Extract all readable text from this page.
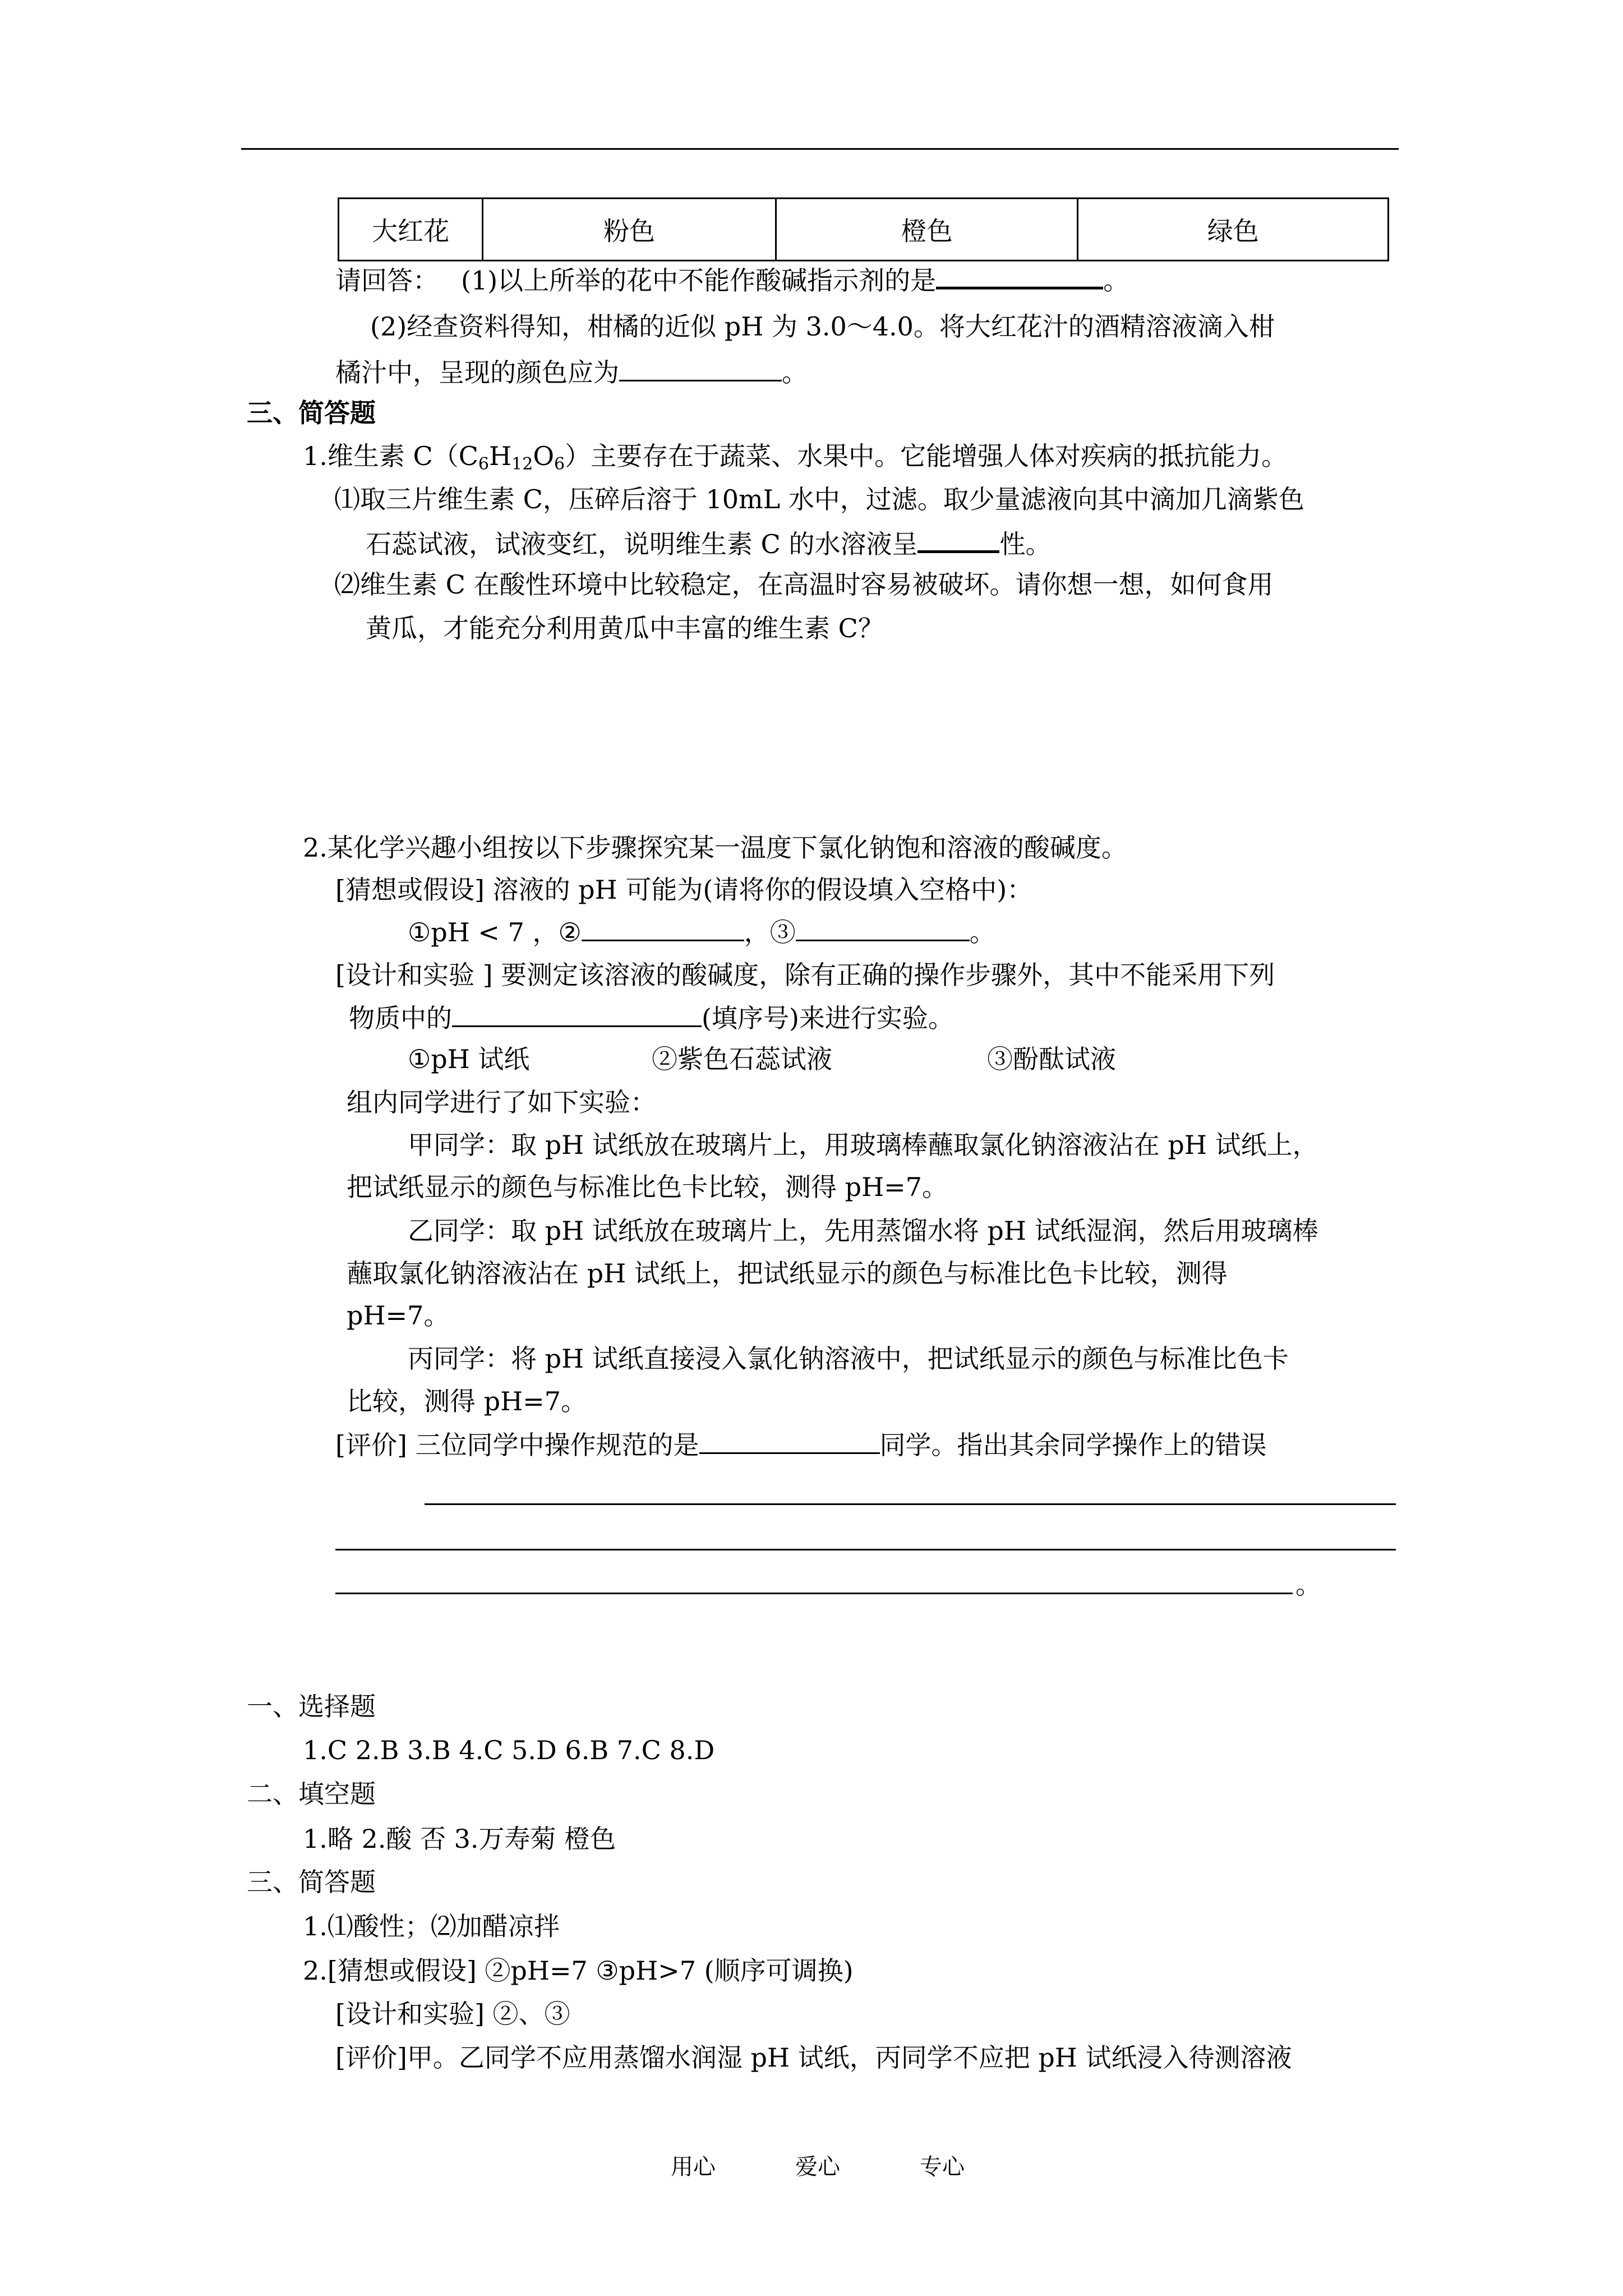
大红花	粉色	橙色	绿色
请回答： (1)以上所举的花中不能作酸碱指示剂的是	。
(2)经查资料得知，柑橘的近似 pH 为 3.0～4.0。将大红花汁的酒精溶液滴入柑
橘汁中，呈现的颜色应为	。
三、简答题
1.维生素 $C(C_6H_{12}O_6)$主要存在于蔬菜、水果中。它能增强人体对疾病的抵抗能力。
⑴取三片维生素 C，压碎后溶于 10mL 水中，过滤。取少量滤液向其中滴加几滴紫色
石蕊试液，试液变红，说明维生素 C 的水溶液呈	性。
⑵维生素 C 在酸性环境中比较稳定，在高温时容易被破坏。请你想一想，如何食用
黄瓜，才能充分利用黄瓜中丰富的维生素 C？
2.某化学兴趣小组按以下步骤探究某一温度下氯化钠饱和溶液的酸碱度。
[猜想或假设] 溶液的 pH 可能为(请将你的假设填入空格中)：
①pH < 7 ，②	，③	。
[设计和实验 ] 要测定该溶液的酸碱度，除有正确的操作步骤外，其中不能采用下列
物质中的	(填序号)来进行实验。
①pH 试纸	②紫色石蕊试液	③酚酞试液
组内同学进行了如下实验：
甲同学：取 pH 试纸放在玻璃片上，用玻璃棒蘸取氯化钠溶液沾在 pH 试纸上，
把试纸显示的颜色与标准比色卡比较，测得 pH=7。
乙同学：取 pH 试纸放在玻璃片上，先用蒸馏水将 pH 试纸湿润，然后用玻璃棒
蘸取氯化钠溶液沾在 pH 试纸上，把试纸显示的颜色与标准比色卡比较，测得
pH=7。
丙同学：将 pH 试纸直接浸入氯化钠溶液中，把试纸显示的颜色与标准比色卡
比较，测得 pH=7。
[评价] 三位同学中操作规范的是	同学。指出其余同学操作上的错误
。
一、选择题
1.C 2.B 3.B 4.C 5.D 6.B 7.C 8.D
二、填空题
1.略 2.酸 否 3.万寿菊 橙色
三、简答题
1.⑴酸性；⑵加醋凉拌
2.[猜想或假设] ②pH=7 ③pH>7 (顺序可调换)
[设计和实验] ②、③
[评价]甲。乙同学不应用蒸馏水润湿 pH 试纸，丙同学不应把 pH 试纸浸入待测溶液
用心	爱心	专心
